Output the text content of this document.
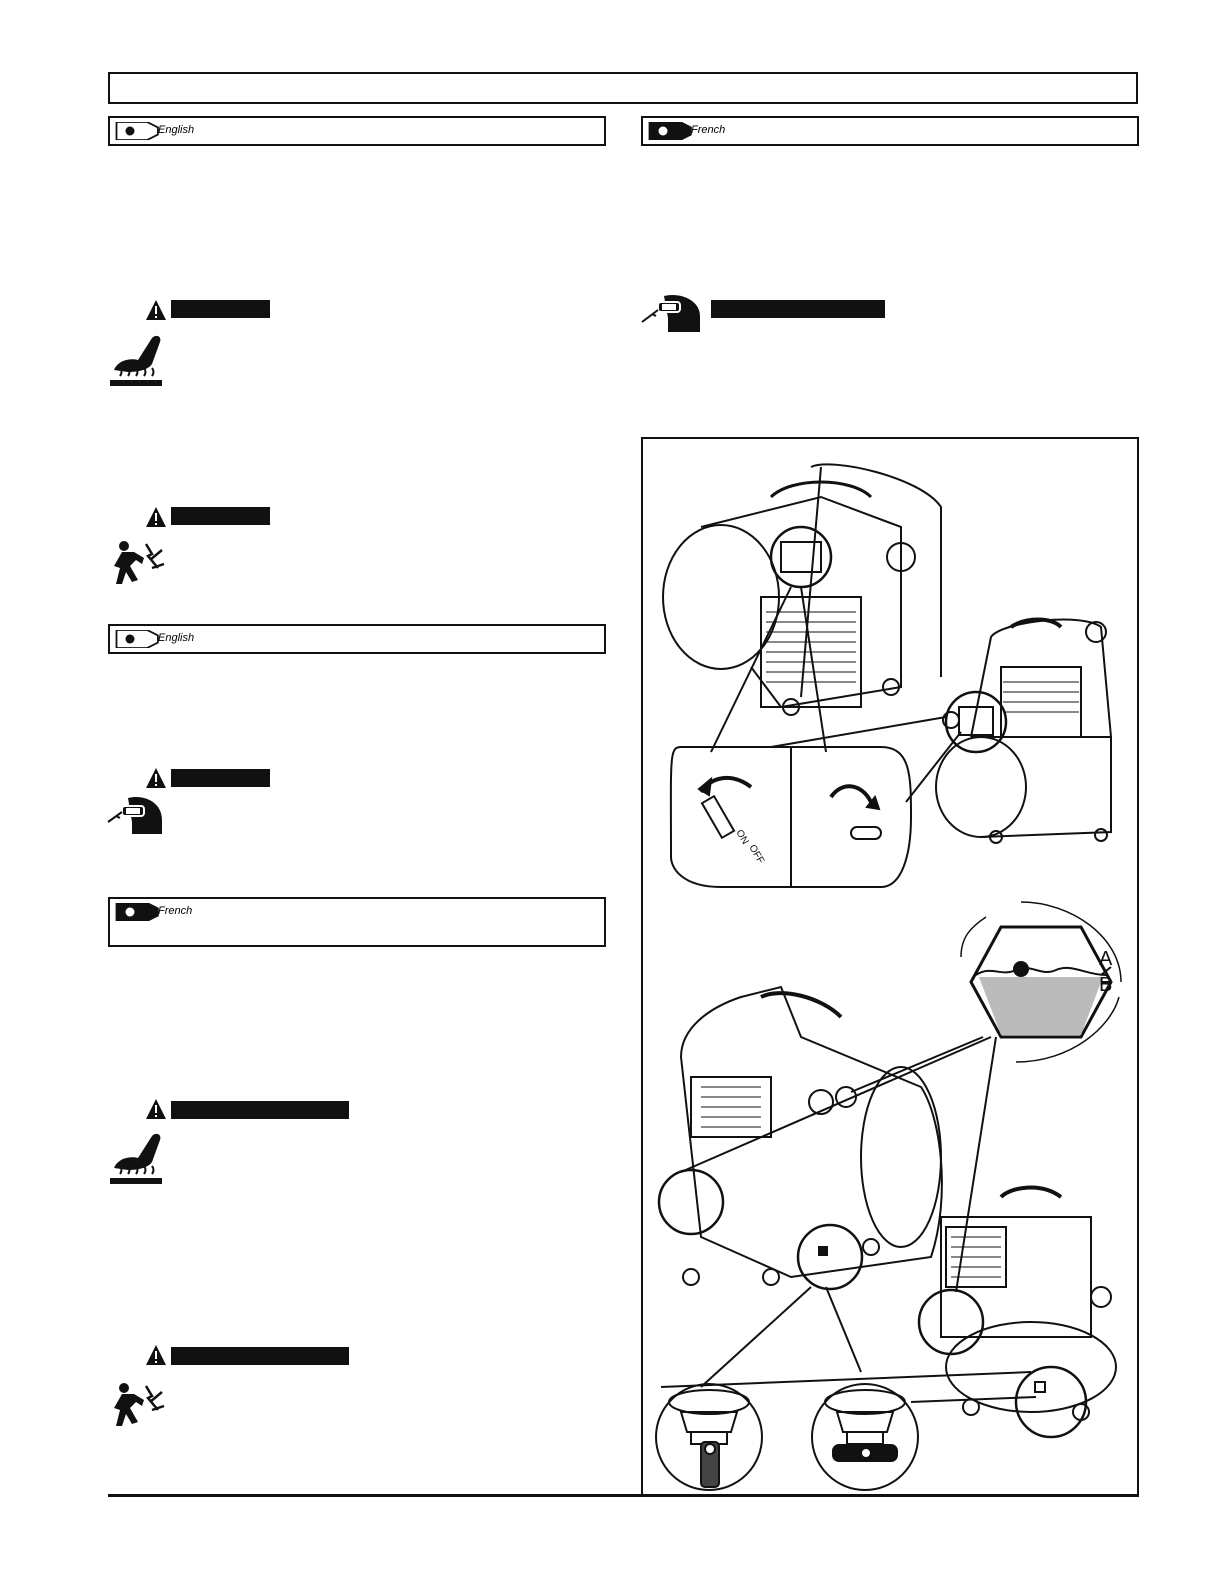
English	French
English
French
ON
OFF
A
B
